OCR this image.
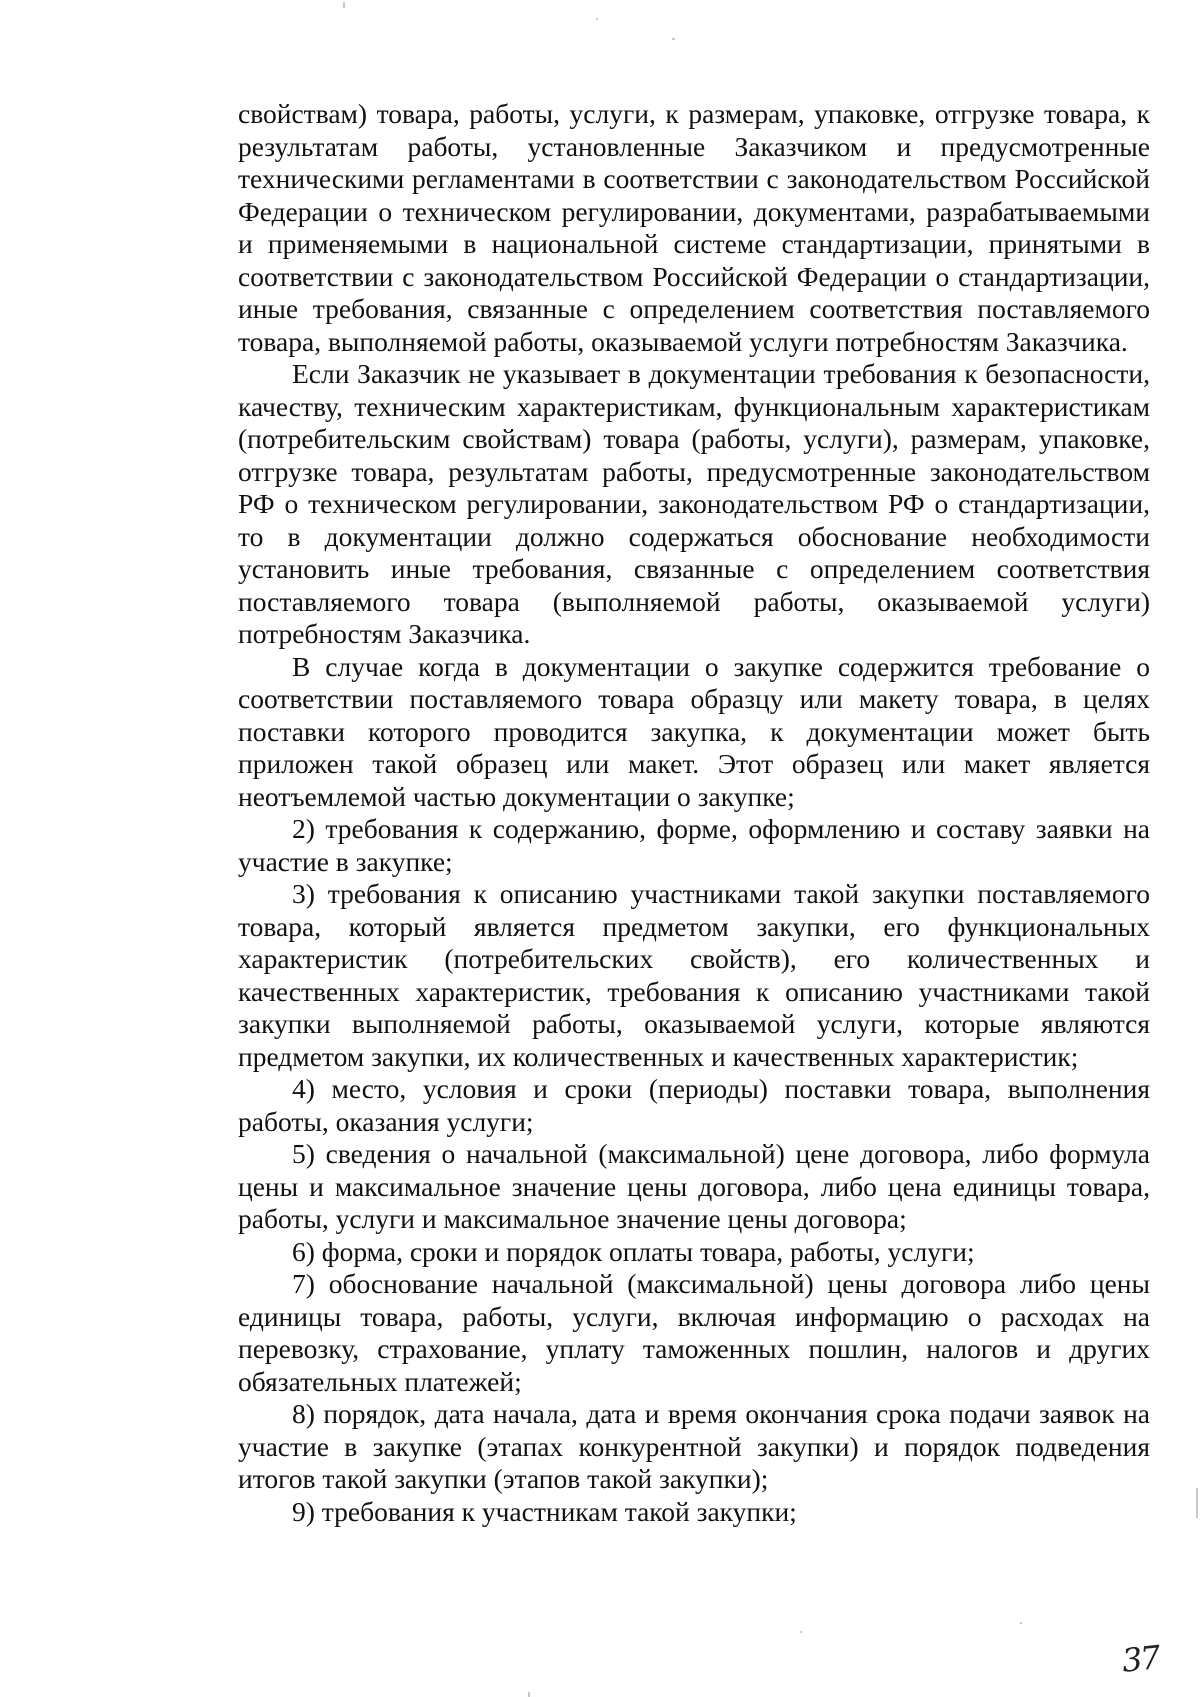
свойствам) товара, работы, услуги, к размерам, упаковке, отгрузке товара, к результатам работы, установленные Заказчиком и предусмотренные техническими регламентами в соответствии с законодательством Российской Федерации о техническом регулировании, документами, разрабатываемыми и применяемыми в национальной системе стандартизации, принятыми в соответствии с законодательством Российской Федерации о стандартизации, иные требования, связанные с определением соответствия поставляемого товара, выполняемой работы, оказываемой услуги потребностям Заказчика.

Если Заказчик не указывает в документации требования к безопасности, качеству, техническим характеристикам, функциональным характеристикам (потребительским свойствам) товара (работы, услуги), размерам, упаковке, отгрузке товара, результатам работы, предусмотренные законодательством РФ о техническом регулировании, законодательством РФ о стандартизации, то в документации должно содержаться обоснование необходимости установить иные требования, связанные с определением соответствия поставляемого товара (выполняемой работы, оказываемой услуги) потребностям Заказчика.

В случае когда в документации о закупке содержится требование о соответствии поставляемого товара образцу или макету товара, в целях поставки которого проводится закупка, к документации может быть приложен такой образец или макет. Этот образец или макет является неотъемлемой частью документации о закупке;

2) требования к содержанию, форме, оформлению и составу заявки на участие в закупке;

3) требования к описанию участниками такой закупки поставляемого товара, который является предметом закупки, его функциональных характеристик (потребительских свойств), его количественных и качественных характеристик, требования к описанию участниками такой закупки выполняемой работы, оказываемой услуги, которые являются предметом закупки, их количественных и качественных характеристик;

4) место, условия и сроки (периоды) поставки товара, выполнения работы, оказания услуги;

5) сведения о начальной (максимальной) цене договора, либо формула цены и максимальное значение цены договора, либо цена единицы товара, работы, услуги и максимальное значение цены договора;

6) форма, сроки и порядок оплаты товара, работы, услуги;

7) обоснование начальной (максимальной) цены договора либо цены единицы товара, работы, услуги, включая информацию о расходах на перевозку, страхование, уплату таможенных пошлин, налогов и других обязательных платежей;

8) порядок, дата начала, дата и время окончания срока подачи заявок на участие в закупке (этапах конкурентной закупки) и порядок подведения итогов такой закупки (этапов такой закупки);

9) требования к участникам такой закупки;

37
